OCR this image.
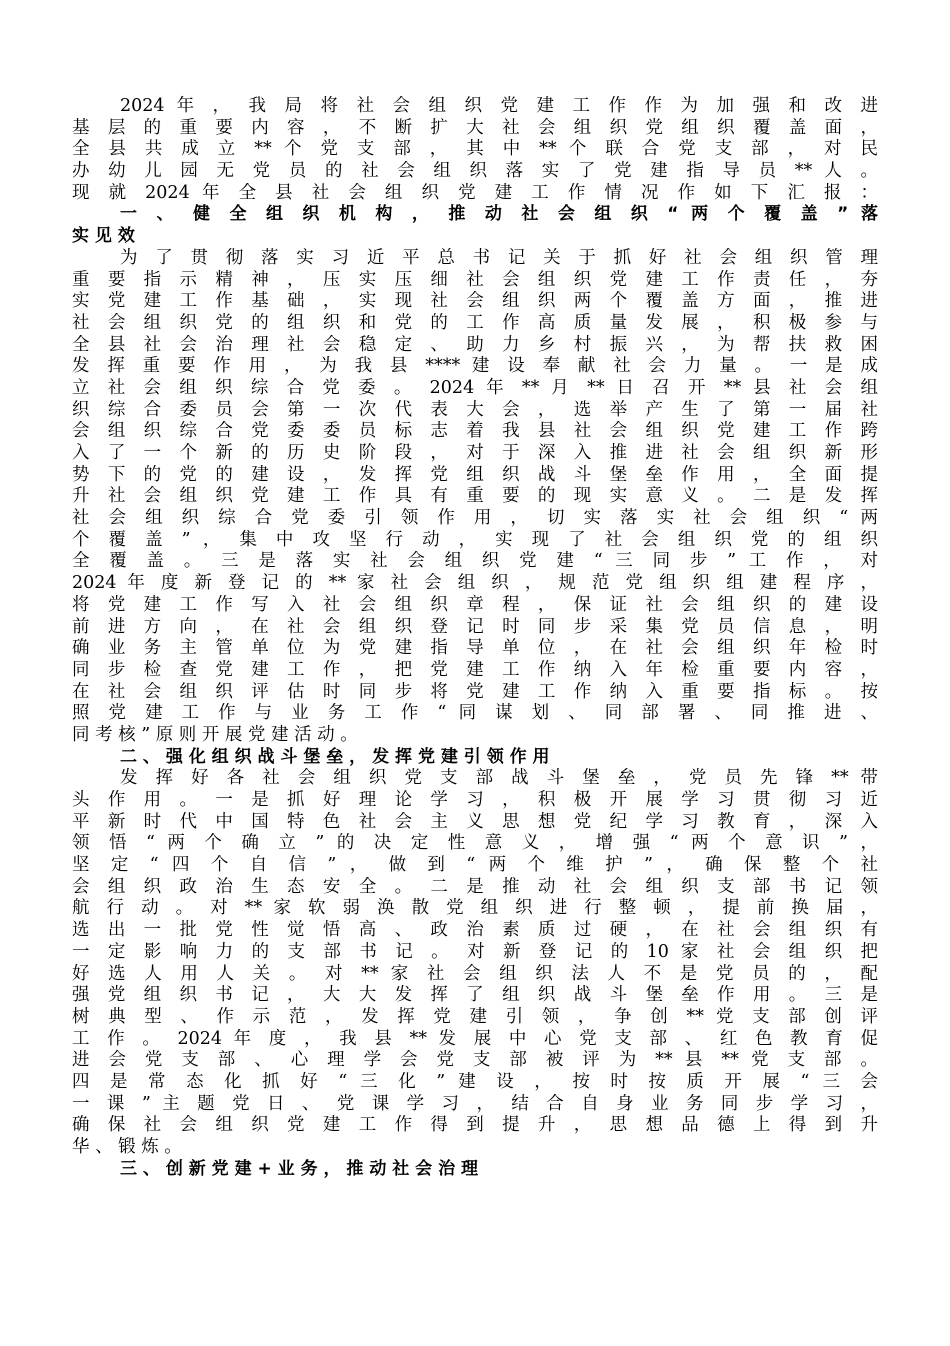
2024 年 ， 我 局 将 社 会 组 织 党 建 工 作 作 为 加 强 和 改 进
基 层 的 重 要 内 容 ， 不 断 扩 大 社 会 组 织 党 组 织 覆 盖 面 ，
全 县 共 成 立 ** 个 党 支 部 ， 其 中 ** 个 联 合 党 支 部 ， 对 民
办 幼 儿 园 无 党 员 的 社 会 组 织 落 实 了 党 建 指 导 员 ** 人 。
现 就 2024 年 全 县 社 会 组 织 党 建 工 作 情 况 作 如 下 汇 报 ：
一 、 健 全 组 织 机 构 ， 推 动 社 会 组 织 “ 两 个 覆 盖 ” 落
实 见 效
为 了 贯 彻 落 实 习 近 平 总 书 记 关 于 抓 好 社 会 组 织 管 理
重 要 指 示 精 神 ， 压 实 压 细 社 会 组 织 党 建 工 作 责 任 ， 夯
实 党 建 工 作 基 础 ， 实 现 社 会 组 织 两 个 覆 盖 方 面 ， 推 进
社 会 组 织 党 的 组 织 和 党 的 工 作 高 质 量 发 展 ， 积 极 参 与
全 县 社 会 治 理 社 会 稳 定 、 助 力 乡 村 振 兴 ， 为 帮 扶 救 困
发 挥 重 要 作 用 ， 为 我 县 **** 建 设 奉 献 社 会 力 量 。 一 是 成
立 社 会 组 织 综 合 党 委 。 2024 年 ** 月 ** 日 召 开 ** 县 社 会 组
织 综 合 委 员 会 第 一 次 代 表 大 会 ， 选 举 产 生 了 第 一 届 社
会 组 织 综 合 党 委 委 员 标 志 着 我 县 社 会 组 织 党 建 工 作 跨
入 了 一 个 新 的 历 史 阶 段 ， 对 于 深 入 推 进 社 会 组 织 新 形
势 下 的 党 的 建 设 ， 发 挥 党 组 织 战 斗 堡 垒 作 用 ， 全 面 提
升 社 会 组 织 党 建 工 作 具 有 重 要 的 现 实 意 义 。 二 是 发 挥
社 会 组 织 综 合 党 委 引 领 作 用 ， 切 实 落 实 社 会 组 织 “ 两
个 覆 盖 ” ， 集 中 攻 坚 行 动 ， 实 现 了 社 会 组 织 党 的 组 织
全 覆 盖 。 三 是 落 实 社 会 组 织 党 建 “ 三 同 步 ” 工 作 ， 对
2024 年 度 新 登 记 的 ** 家 社 会 组 织 ， 规 范 党 组 织 组 建 程 序 ，
将 党 建 工 作 写 入 社 会 组 织 章 程 ， 保 证 社 会 组 织 的 建 设
前 进 方 向 ， 在 社 会 组 织 登 记 时 同 步 采 集 党 员 信 息 ， 明
确 业 务 主 管 单 位 为 党 建 指 导 单 位 ， 在 社 会 组 织 年 检 时
同 步 检 查 党 建 工 作 ， 把 党 建 工 作 纳 入 年 检 重 要 内 容 ，
在 社 会 组 织 评 估 时 同 步 将 党 建 工 作 纳 入 重 要 指 标 。 按
照 党 建 工 作 与 业 务 工 作 “ 同 谋 划 、 同 部 署 、 同 推 进 、
同 考 核 ” 原 则 开 展 党 建 活 动 。
二 、 强 化 组 织 战 斗 堡 垒 ， 发 挥 党 建 引 领 作 用
发 挥 好 各 社 会 组 织 党 支 部 战 斗 堡 垒 ， 党 员 先 锋 ** 带
头 作 用 。 一 是 抓 好 理 论 学 习 ， 积 极 开 展 学 习 贯 彻 习 近
平 新 时 代 中 国 特 色 社 会 主 义 思 想 党 纪 学 习 教 育 ， 深 入
领 悟 “ 两 个 确 立 ” 的 决 定 性 意 义 ， 增 强 “ 两 个 意 识 ” ，
坚 定 “ 四 个 自 信 ” ， 做 到 “ 两 个 维 护 ” ， 确 保 整 个 社
会 组 织 政 治 生 态 安 全 。 二 是 推 动 社 会 组 织 支 部 书 记 领
航 行 动 。 对 ** 家 软 弱 涣 散 党 组 织 进 行 整 顿 ， 提 前 换 届 ，
选 出 一 批 党 性 觉 悟 高 、 政 治 素 质 过 硬 ， 在 社 会 组 织 有
一 定 影 响 力 的 支 部 书 记 。 对 新 登 记 的 10 家 社 会 组 织 把
好 选 人 用 人 关 。 对 ** 家 社 会 组 织 法 人 不 是 党 员 的 ， 配
强 党 组 织 书 记 ， 大 大 发 挥 了 组 织 战 斗 堡 垒 作 用 。 三 是
树 典 型 、 作 示 范 ， 发 挥 党 建 引 领 ， 争 创 ** 党 支 部 创 评
工 作 。 2024 年 度 ， 我 县 ** 发 展 中 心 党 支 部 、 红 色 教 育 促
进 会 党 支 部 、 心 理 学 会 党 支 部 被 评 为 ** 县 ** 党 支 部 。
四 是 常 态 化 抓 好 “ 三 化 ” 建 设 ， 按 时 按 质 开 展 “ 三 会
一 课 ” 主 题 党 日 、 党 课 学 习 ， 结 合 自 身 业 务 同 步 学 习 ，
确 保 社 会 组 织 党 建 工 作 得 到 提 升 ， 思 想 品 德 上 得 到 升
华 、 锻 炼 。
三 、 创 新 党 建 + 业 务 ， 推 动 社 会 治 理
